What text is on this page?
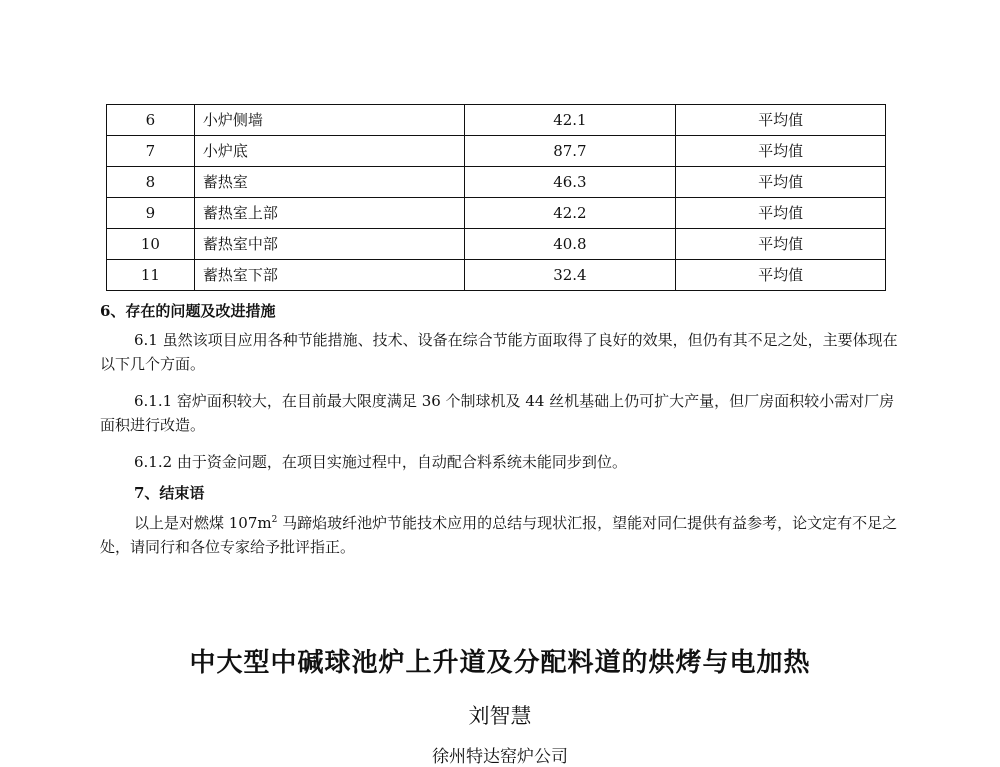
6	小炉侧墙	42.1	平均值
7	小炉底	87.7	平均值
8	蓄热室	46.3	平均值
9	蓄热室上部	42.2	平均值
10	蓄热室中部	40.8	平均值
11	蓄热室下部	32.4	平均值
6、存在的问题及改进措施
6.1 虽然该项目应用各种节能措施、技术、设备在综合节能方面取得了良好的效果，但仍有其不足之处，主要体现在以下几个方面。
6.1.1 窑炉面积较大，在目前最大限度满足 36 个制球机及 44 丝机基础上仍可扩大产量，但厂房面积较小需对厂房面积进行改造。
6.1.2 由于资金问题，在项目实施过程中，自动配合料系统未能同步到位。
7、结束语
以上是对燃煤 $107m^2$ 马蹄焰玻纤池炉节能技术应用的总结与现状汇报，望能对同仁提供有益参考，论文定有不足之处，请同行和各位专家给予批评指正。
中大型中碱球池炉上升道及分配料道的烘烤与电加热
刘智慧
徐州特达窑炉公司
